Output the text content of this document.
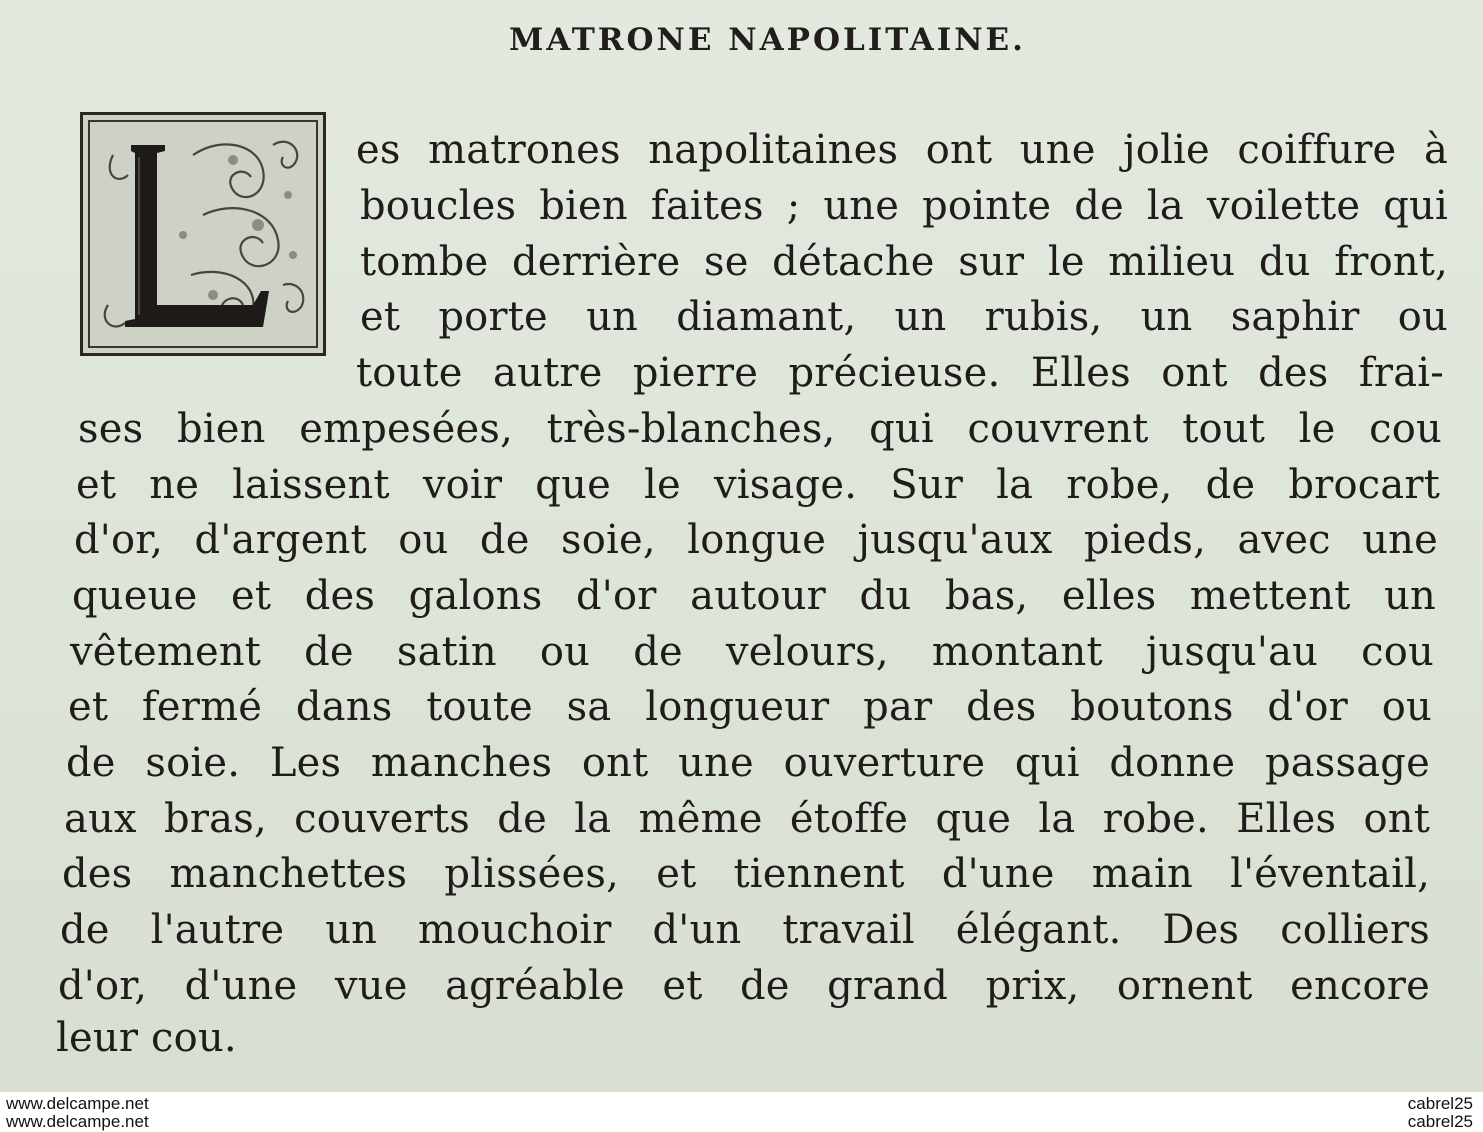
MATRONE NAPOLITAINE.
es matrones napolitaines ont une jolie coiffure à
boucles bien faites ; une pointe de la voilette qui
tombe derrière se détache sur le milieu du front,
et porte un diamant, un rubis, un saphir ou
toute autre pierre précieuse. Elles ont des frai-
ses bien empesées, très-blanches, qui couvrent tout le cou
et ne laissent voir que le visage. Sur la robe, de brocart
d'or, d'argent ou de soie, longue jusqu'aux pieds, avec une
queue et des galons d'or autour du bas, elles mettent un
vêtement de satin ou de velours, montant jusqu'au cou
et fermé dans toute sa longueur par des boutons d'or ou
de soie. Les manches ont une ouverture qui donne passage
aux bras, couverts de la même étoffe que la robe. Elles ont
des manchettes plissées, et tiennent d'une main l'éventail,
de l'autre un mouchoir d'un travail élégant. Des colliers
d'or, d'une vue agréable et de grand prix, ornent encore
leur cou.
www.delcampe.net
www.delcampe.net
cabrel25
cabrel25
